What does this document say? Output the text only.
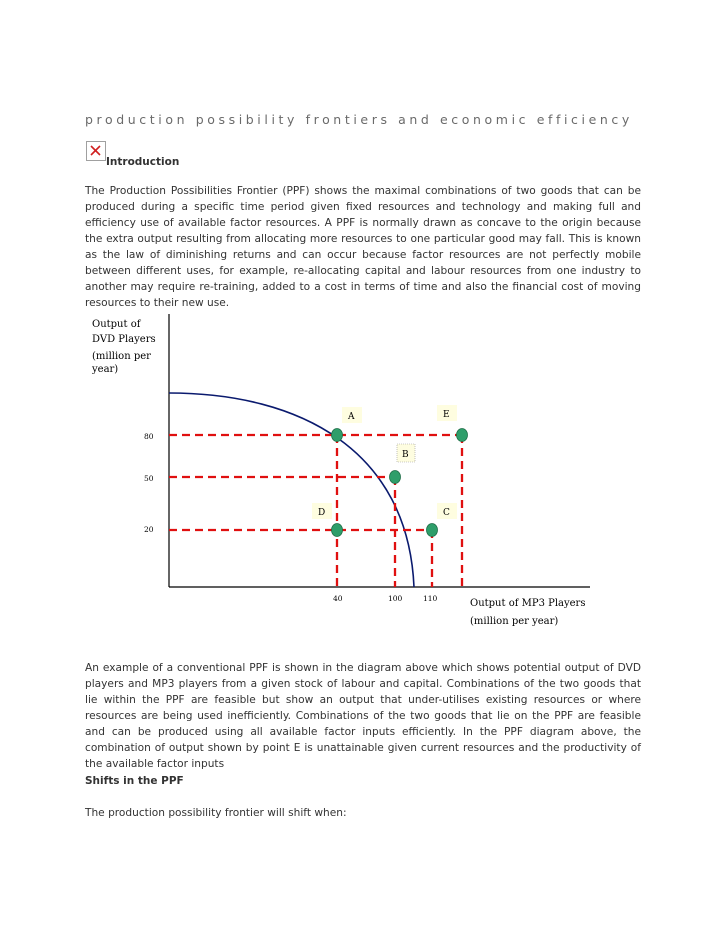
production possibility frontiers and economic efficiency
Introduction

The Production Possibilities Frontier (PPF) shows the maximal combinations of two goods that can be produced during a specific time period given fixed resources and technology and making full and efficiency use of available factor resources. A PPF is normally drawn as concave to the origin because the extra output resulting from allocating more resources to one particular good may fall. This is known as the law of diminishing returns and can occur because factor resources are not perfectly mobile between different uses, for example, re-allocating capital and labour resources from one industry to another may require re-training, added to a cost in terms of time and also the financial cost of moving resources to their new use.

Output of DVD Players (million per year)
80
50
20
40	100	110	Output of MP3 Players (million per year)
A	E
B
D	C

An example of a conventional PPF is shown in the diagram above which shows potential output of DVD players and MP3 players from a given stock of labour and capital. Combinations of the two goods that lie within the PPF are feasible but show an output that under-utilises existing resources or where resources are being used inefficiently. Combinations of the two goods that lie on the PPF are feasible and can be produced using all available factor inputs efficiently. In the PPF diagram above, the combination of output shown by point E is unattainable given current resources and the productivity of the available factor inputs

Shifts in the PPF

The production possibility frontier will shift when:
